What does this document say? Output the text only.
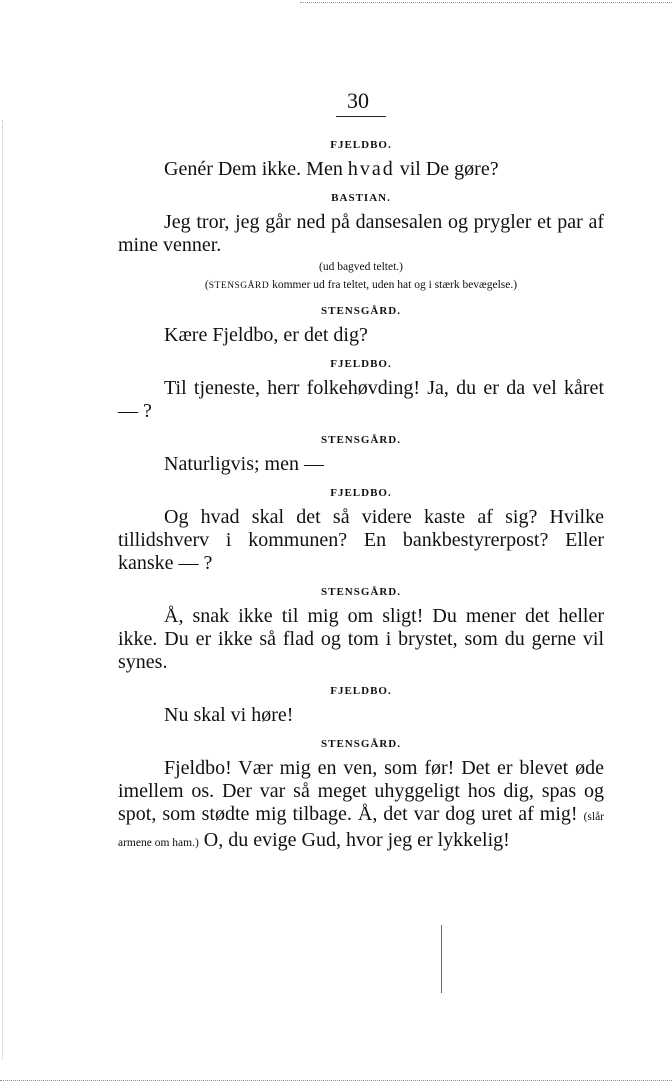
30
FJELDBO.

Genér Dem ikke. Men hvad vil De gøre?

BASTIAN.

Jeg tror, jeg går ned på dansesalen og prygler et par af mine venner.

(ud bagved teltet.)
(STENSGÅRD kommer ud fra teltet, uden hat og i stærk bevægelse.)
STENSGÅRD.

Kære Fjeldbo, er det dig?

FJELDBO.

Til tjeneste, herr folkehøvding! Ja, du er da vel kåret — ?

STENSGÅRD.

Naturligvis; men —

FJELDBO.

Og hvad skal det så videre kaste af sig? Hvilke tillidshverv i kommunen? En bankbestyrerpost? Eller kanske — ?

STENSGÅRD.

Å, snak ikke til mig om sligt! Du mener det heller ikke. Du er ikke så flad og tom i brystet, som du gerne vil synes.

FJELDBO.

Nu skal vi høre!

STENSGÅRD.

Fjeldbo! Vær mig en ven, som før! Det er blevet øde imellem os. Der var så meget uhyggeligt hos dig, spas og spot, som stødte mig tilbage. Å, det var dog uret af mig! (slår armene om ham.) O, du evige Gud, hvor jeg er lykkelig!
